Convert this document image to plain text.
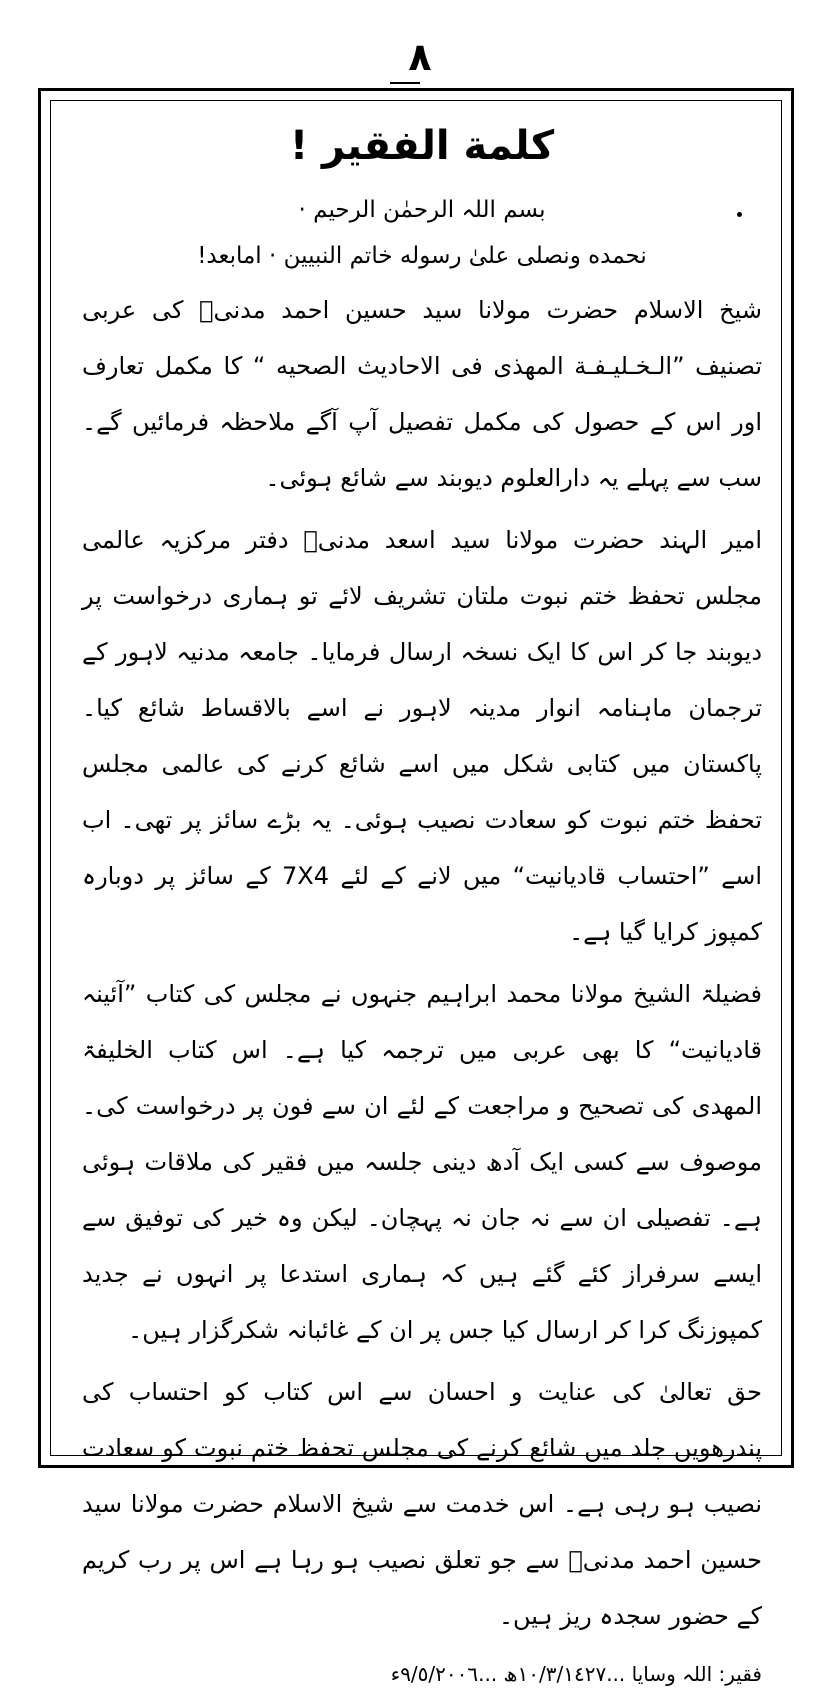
۸
كلمة الفقير !
بسم اللہ الرحمٰن الرحیم ·
نحمده ونصلی علیٰ رسوله خاتم النبیین · امابعد!

شیخ الاسلام حضرت مولانا سید حسین احمد مدنیؒ کی عربی تصنیف ”الـخـلیـفـة المھذی فی الاحادیث الصحیه “ کا مکمل تعارف اور اس کے حصول کی مکمل تفصیل آپ آگے ملاحظہ فرمائیں گے۔ سب سے پہلے یہ دارالعلوم دیوبند سے شائع ہوئی۔

امیر الہند حضرت مولانا سید اسعد مدنیؒ دفتر مرکزیہ عالمی مجلس تحفظ ختم نبوت ملتان تشریف لائے تو ہماری درخواست پر دیوبند جا کر اس کا ایک نسخہ ارسال فرمایا۔ جامعہ مدنیہ لاہور کے ترجمان ماہنامہ انوار مدینہ لاہور نے اسے بالاقساط شائع کیا۔ پاکستان میں کتابی شکل میں اسے شائع کرنے کی عالمی مجلس تحفظ ختم نبوت کو سعادت نصیب ہوئی۔ یہ بڑے سائز پر تھی۔ اب اسے ”احتساب قادیانیت“ میں لانے کے لئے 7X4 کے سائز پر دوبارہ کمپوز کرایا گیا ہے۔

فضیلۃ الشیخ مولانا محمد ابراہیم جنہوں نے مجلس کی کتاب ”آئینہ قادیانیت“ کا بھی عربی میں ترجمہ کیا ہے۔ اس کتاب الخلیفۃ المھدی کی تصحیح و مراجعت کے لئے ان سے فون پر درخواست کی۔ موصوف سے کسی ایک آدھ دینی جلسہ میں فقیر کی ملاقات ہوئی ہے۔ تفصیلی ان سے نہ جان نہ پہچان۔ لیکن وہ خیر کی توفیق سے ایسے سرفراز کئے گئے ہیں کہ ہماری استدعا پر انہوں نے جدید کمپوزنگ کرا کر ارسال کیا جس پر ان کے غائبانہ شکرگزار ہیں۔

حق تعالیٰ کی عنایت و احسان سے اس کتاب کو احتساب کی پندرھویں جلد میں شائع کرنے کی مجلس تحفظ ختم نبوت کو سعادت نصیب ہو رہی ہے۔ اس خدمت سے شیخ الاسلام حضرت مولانا سید حسین احمد مدنیؒ سے جو تعلق نصیب ہو رہا ہے اس پر رب کریم کے حضور سجدہ ریز ہیں۔

فقیر: اللہ وسایا ...١٠/٣/١٤٢٧ھ ...٩/٥/٢٠٠٦ء
